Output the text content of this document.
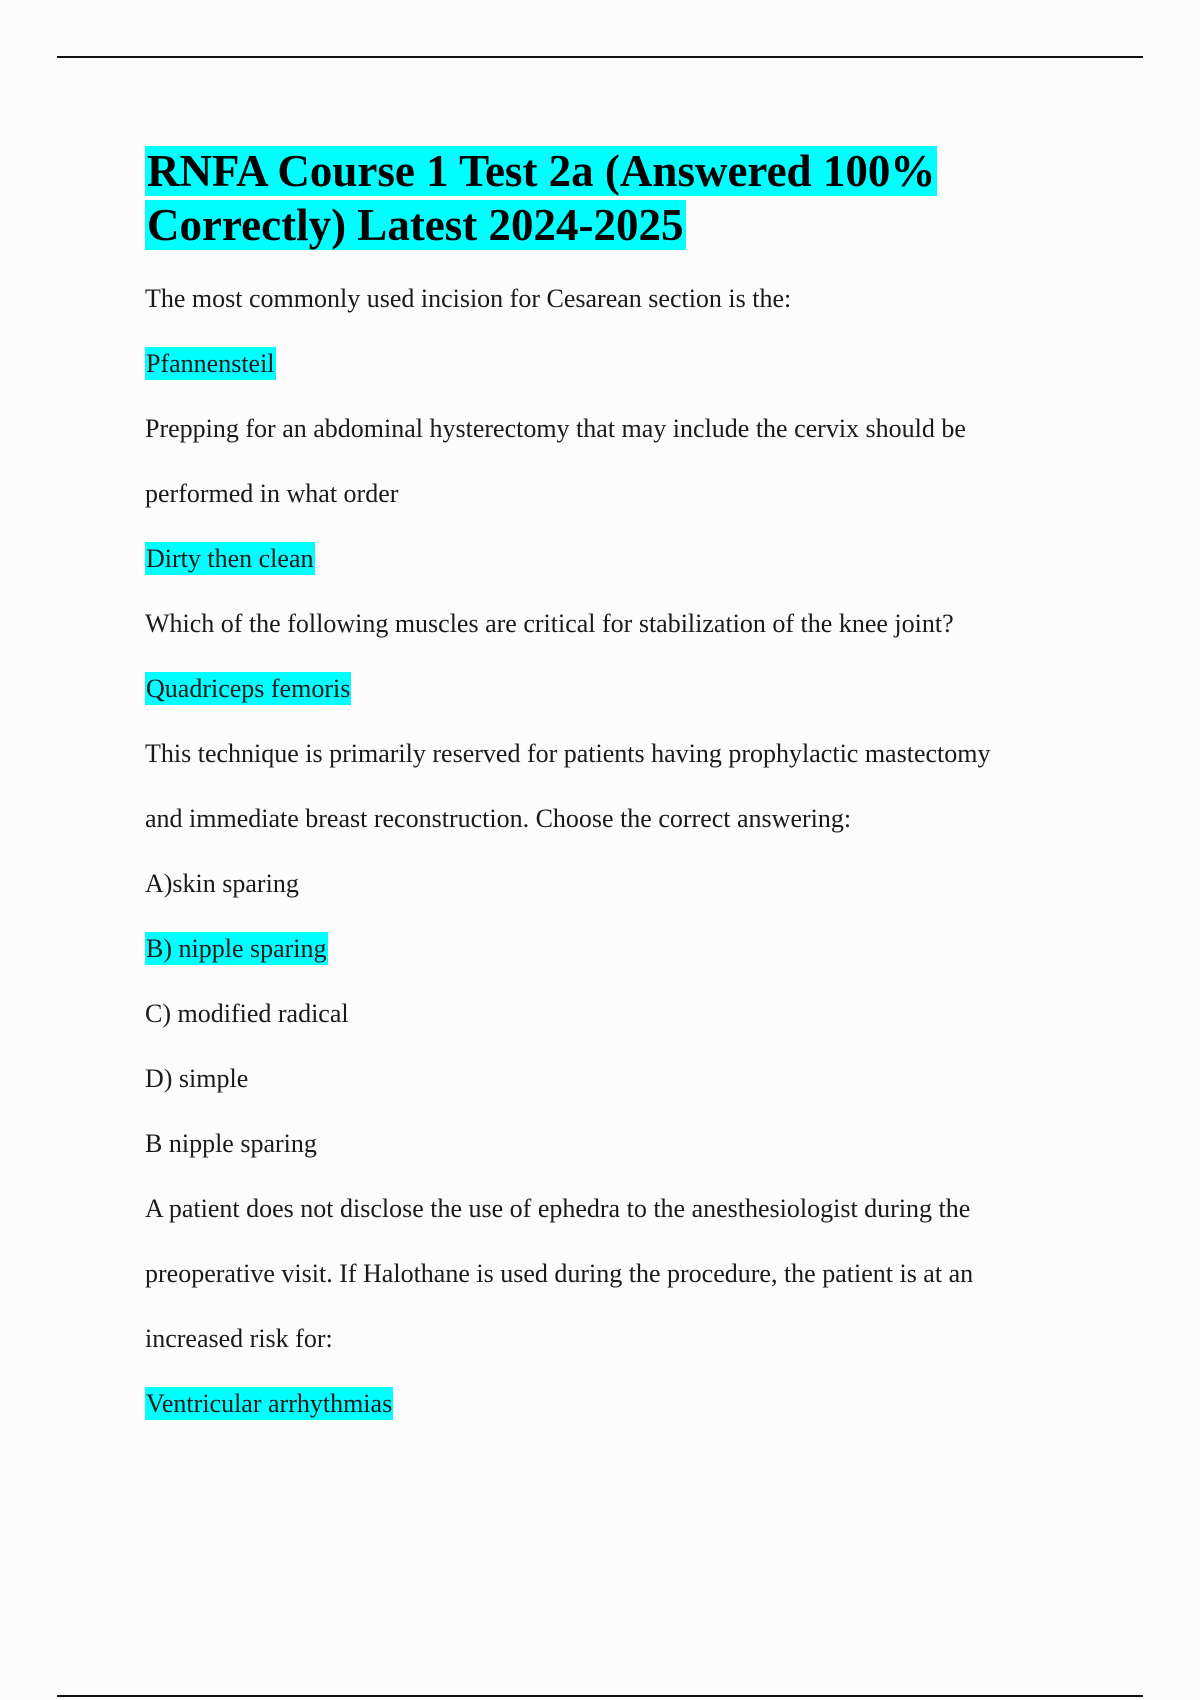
RNFA Course 1 Test 2a (Answered 100% Correctly) Latest 2024-2025

The most commonly used incision for Cesarean section is the:

Pfannensteil

Prepping for an abdominal hysterectomy that may include the cervix should be

performed in what order

Dirty then clean

Which of the following muscles are critical for stabilization of the knee joint?

Quadriceps femoris

This technique is primarily reserved for patients having prophylactic mastectomy

and immediate breast reconstruction. Choose the correct answering:

A)skin sparing

B) nipple sparing

C) modified radical

D) simple

B nipple sparing

A patient does not disclose the use of ephedra to the anesthesiologist during the

preoperative visit. If Halothane is used during the procedure, the patient is at an

increased risk for:

Ventricular arrhythmias
